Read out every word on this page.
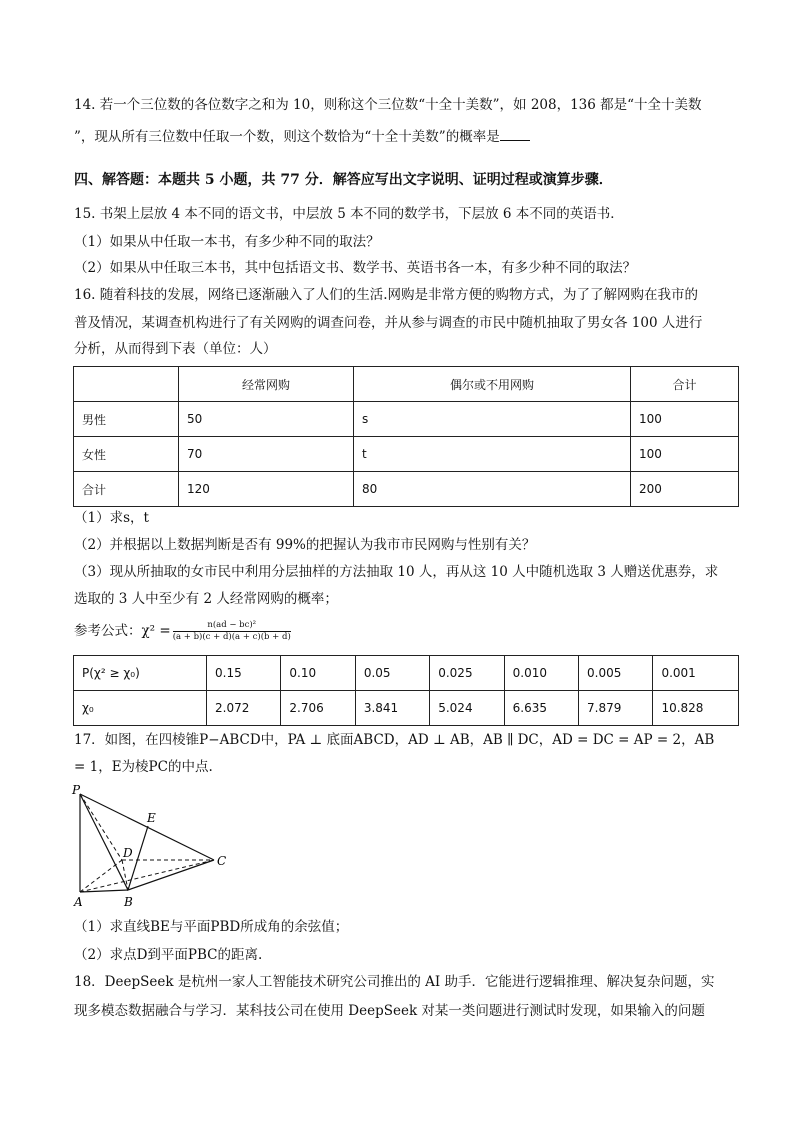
14. 若一个三位数的各位数字之和为 10，则称这个三位数“十全十美数”，如 208，136 都是“十全十美数
”，现从所有三位数中任取一个数，则这个数恰为“十全十美数”的概率是
四、解答题：本题共 5 小题，共 77 分．解答应写出文字说明、证明过程或演算步骤．
15. 书架上层放 4 本不同的语文书，中层放 5 本不同的数学书，下层放 6 本不同的英语书．
（1）如果从中任取一本书，有多少种不同的取法？
（2）如果从中任取三本书，其中包括语文书、数学书、英语书各一本，有多少种不同的取法？
16. 随着科技的发展，网络已逐渐融入了人们的生活.网购是非常方便的购物方式，为了了解网购在我市的
普及情况，某调查机构进行了有关网购的调查问卷，并从参与调查的市民中随机抽取了男女各 100 人进行
分析，从而得到下表（单位：人）
	经常网购	偶尔或不用网购	合计
男性	50	s	100
女性	70	t	100
合计	120	80	200
（1）求s，t
（2）并根据以上数据判断是否有 99%的把握认为我市市民网购与性别有关？
（3）现从所抽取的女市民中利用分层抽样的方法抽取 10 人，再从这 10 人中随机选取 3 人赠送优惠券，求
选取的 3 人中至少有 2 人经常网购的概率；
参考公式：$\chi^2 = \frac{\text{n(ad − bc)²}}{(a + b)(c + d)(a + c)(b + d)}$
P(χ² ≥ χ₀)	0.15	0.10	0.05	0.025	0.010	0.005	0.001
χ₀	2.072	2.706	3.841	5.024	6.635	7.879	10.828
17．如图，在四棱锥P−ABCD中，PA ⊥ 底面ABCD，AD ⊥ AB，AB ∥ DC，AD = DC = AP = 2，AB
= 1，E为棱PC的中点.
P
E
D
C
A	B
（1）求直线BE与平面PBD所成角的余弦值；
（2）求点D到平面PBC的距离.
18．DeepSeek 是杭州一家人工智能技术研究公司推出的 AI 助手．它能进行逻辑推理、解决复杂问题，实
现多模态数据融合与学习．某科技公司在使用 DeepSeek 对某一类问题进行测试时发现，如果输入的问题
